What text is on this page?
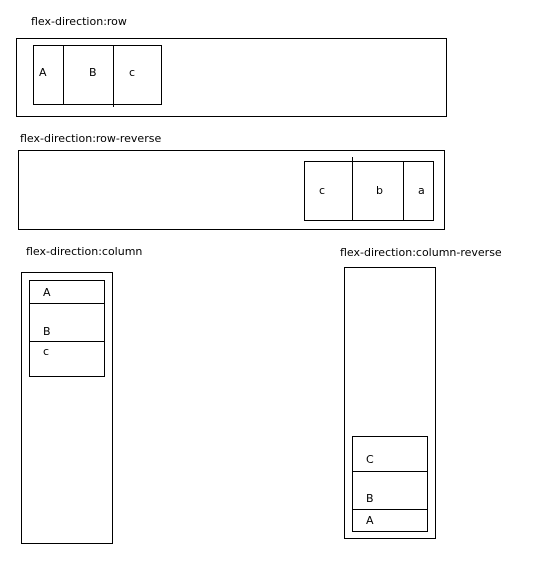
flex-direction:row
A	B	c
flex-direction:row-reverse
c	b	a
flex-direction:column
A
B
c
flex-direction:column-reverse
C
B
A
